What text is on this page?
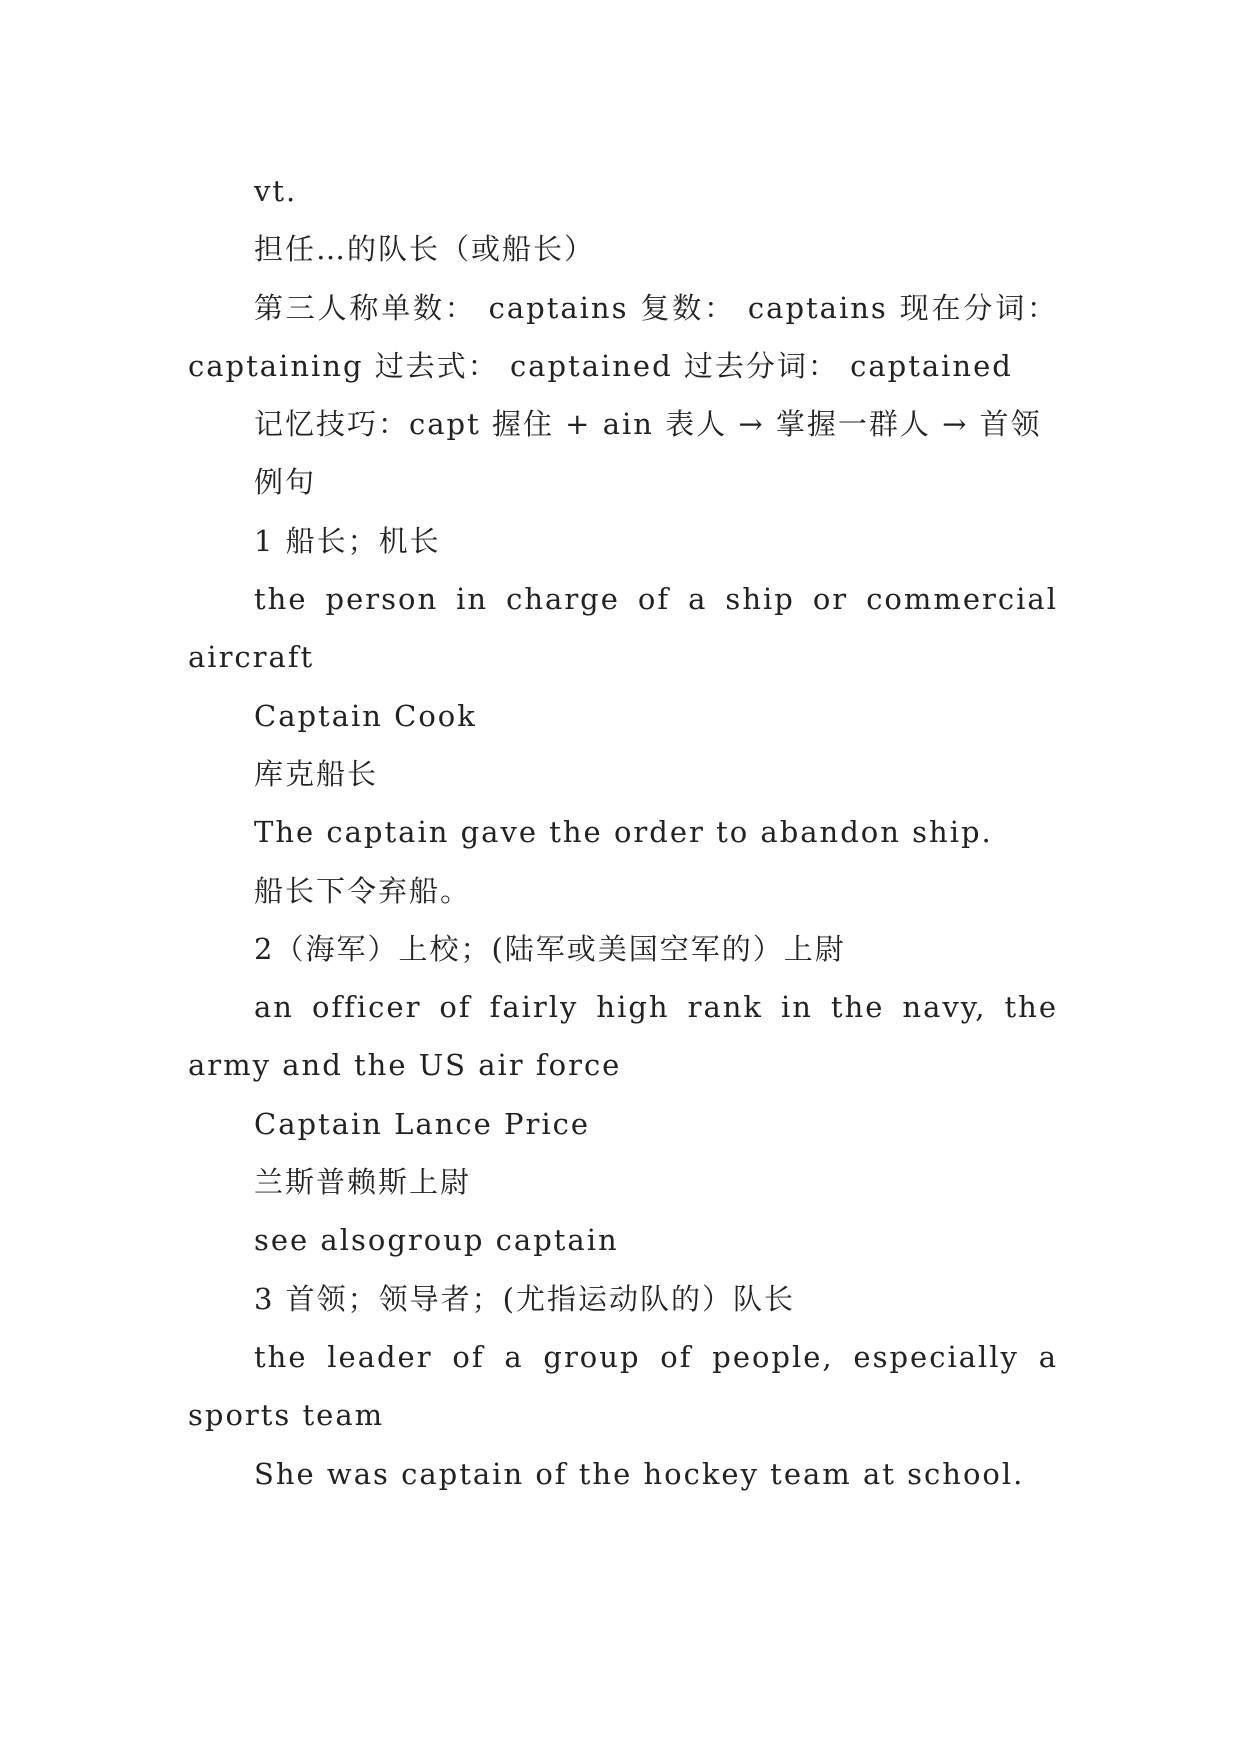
vt.

担任…的队长（或船长）

第三人称单数： captains 复数： captains 现在分词： captaining 过去式： captained 过去分词： captained

记忆技巧：capt 握住 + ain 表人 → 掌握一群人 → 首领

例句

1 船长；机长

the person in charge of a ship or commercial aircraft

Captain Cook

库克船长

The captain gave the order to abandon ship.

船长下令弃船。

2（海军）上校；(陆军或美国空军的）上尉

an officer of fairly high rank in the navy, the army and the US air force

Captain Lance Price

兰斯普赖斯上尉

see alsogroup captain

3 首领；领导者；(尤指运动队的）队长

the leader of a group of people, especially a sports team

She was captain of the hockey team at school.
